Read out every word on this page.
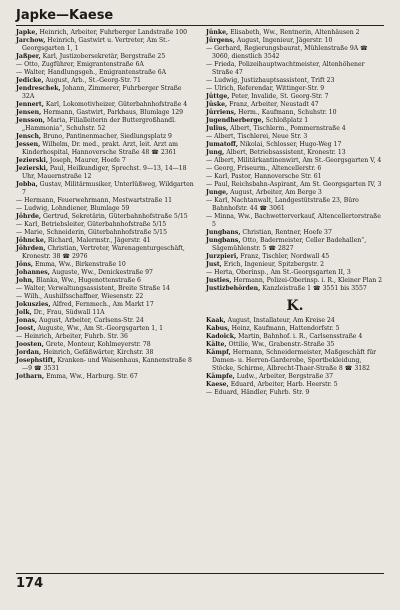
Japke—Kaese
Japke, Heinrich, Arbeiter, Fuhrberger Landstraße 100
Jarchow, Heinrich, Gastwirt u. Vertreter, Am St.-Georgsgarten 1, 1
Jaßper, Karl, Justizobersekretär, Bergstraße 25
— Otto, Zugführer, Emigrantenstraße 6A
— Walter, Handlungsgeh., Emigrantenstraße 6A
Jedicke, August, Arb., St.-Georg-Str. 71
Jendreschek, Johann, Zimmerer, Fuhrberger Straße 32A
Jennert, Karl, Lokomotivheizer, Güterbahnhofstraße 4
Jensen, Hermann, Gastwirt, Parkhaus, Blumlage 129
Jensson, Maria, Filialleiterin der Buttergroßhandl. „Hammonia“, Schuhstr. 52
Jensch, Bruno, Pantinenmacher, Siedlungsplatz 9
Jessen, Wilhelm, Dr. med., prakt. Arzt, leit. Arzt am Kinderhospital, Hannoversche Straße 48 ☎ 2361
Jezierski, Joseph, Maurer, Hoefe 7
Jezierski, Paul, Heilkundiger, Sprechst. 9—13, 14—18 Uhr, Mauernstraße 12
Jobba, Gustav, Militärmusiker, Unterlüßweg, Wildgarten 7
— Hermann, Feuerwehrmann, Mestwartstraße 11
— Ludwig, Lohndiener, Blumlage 59
Jöhrde, Gertrud, Sekretärin, Güterbahnhofstraße 5/15
— Karl, Betriebsleiter, Güterbahnhofstraße 5/15
— Marie, Schneiderin, Güterbahnhofstraße 5/15
Jöhncke, Richard, Malermstr., Jägerstr. 41
Jöhrden, Christian, Vertreter, Warenagenturgeschäft, Kronestr. 38 ☎ 2976
Jöns, Emma, Ww., Birkenstraße 10
Johannes, Auguste, Ww., Denickestraße 97
John, Blanka, Ww., Hugenottenstraße 6
— Walter, Verwaltungsassistent, Breite Straße 14
— Wilh., Aushilfsschaffner, Wiesenstr. 22
Jokuszies, Alfred, Fernmech., Am Markt 17
Jolk, Dr., Frau, Südwall 11A
Jonas, August, Arbeiter, Carlsens-Str. 24
Joost, Auguste, Ww., Am St.-Georgsgarten 1, 1
— Heinrich, Arbeiter, Fuhrb. Str. 36
Joosten, Grete, Monteur, Kohlmeyerstr. 78
Jordan, Heinrich, Gefäßwärter, Kirchstr. 38
Josephstift, Kranken- und Waisenhaus, Kannenstraße 8—9 ☎ 3531
Jotharn, Emma, Ww., Harburg. Str. 67
Jünke, Elisabeth, Ww., Rentnerin, Altenhäusen 2
Jürgens, August, Ingenieur, Jägerstr. 10
— Gerhard, Regierungsbaurat, Mühlenstraße 9A ☎ 3060, dienstlich 3542
— Frieda, Polizeihauptwachtmeister, Altenhöhener Straße 47
— Ludwig, Justizhauptsassistent, Trift 23
— Ulrich, Referendar, Wittinger-Str. 9
Jüttge, Peter, Invalide, St. Georg-Str. 7
Jüske, Franz, Arbeiter, Neustadt 47
Jürriens, Herm., Kaufmann, Schuhstr. 10
Jugendherberge, Schloßplatz 1
Julius, Albert, Tischlerm., Pommernstraße 4
— Albert, Tischlerei, Neue Str. 3
Jumatoff, Nikolai, Schlosser, Hugo-Weg 17
Jung, Albert, Betriebsassistent, Kronestr. 13
— Albert, Militärkantinenwirt, Am St.-Georgsgarten V, 4
— Georg, Friseurm., Altencellerstr. 6
— Karl, Pastor, Hannoversche Str. 61
— Paul, Reichsbahn-Aspirant, Am St. Georgsgarten IV, 3
Junge, August, Arbeiter, Am Berge 3
— Karl, Nachtanwalt, Landgestütstraße 23, Büro Bahnhofstr. 44 ☎ 3061
— Minna, Ww., Bachwetterverkauf, Altencellertorstraße 5
Jungbans, Christian, Rentner, Hoefe 37
Jungbans, Otto, Badermeister, Celler Badehallen“, Sägemühlenstr. 5 ☎ 2827
Jurzpieri, Franz, Tischler, Nordwall 45
Just, Erich, Ingenieur, Spitzbergstr. 2
— Herta, Oberinsp., Am St.-Georgsgarten II, 3
Justies, Hermann, Polizei-Oberinsp. i. R., Kleiner Plan 2
Justizbehörden, Kanzleistraße 1 ☎ 3551 bis 3557
K.
Kaak, August, Installateur, Am Kreise 24
Kabus, Heinz, Kaufmann, Hattendorfstr. 5
Kadoick, Martin, Bahnhof. i. R., Carlsensstraße 4
Kälte, Ottilie, Ww., Grabenstr.-Straße 35
Kämpf, Hermann, Schneidermeister, Maßgeschäft für Damen- u. Herren-Garderobe, Sportbekleidung, Stöcke, Schirme, Albrecht-Thaer-Straße 8 ☎ 3182
Kämpfe, Ludw., Arbeiter, Bergstraße 37
Kaese, Eduard, Arbeiter, Harb. Heerstr. 5
— Eduard, Händler, Fuhrb. Str. 9
174
